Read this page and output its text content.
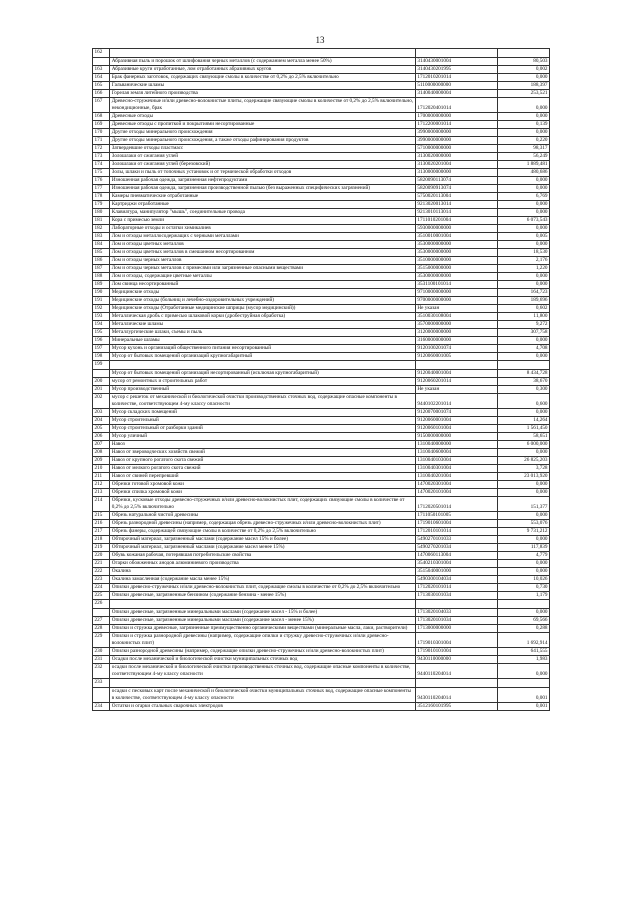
13
162			
	Абразивная пыль и порошок от шлифования черных металлов (с содержанием металла менее 50%)	3140430001004	80,503
163	Абразивные круги отработанные, лом отработанных абразивных кругов	3140430201995	0,002
164	Брак фанерных заготовок, содержащих связующие смолы в количестве от 0,2% до 2,5% включительно	1712010201014	0,000
165	Гальванические шламы	5110000000000	188,397
166	Горелая земля литейного производства	3140040000004	253,521
167	Древесно-стружечные и/или древесно-волокнистые плиты, содержащие связующие смолы в количестве от 0,2% до 2,5% включительно, некондиционные, брак	1712020401014	0,000
168	Древесные отходы	1700000000000	0,000
169	Древесные отходы с пропиткой и покрытиями несортированные	1712200001014	0,139
170	Другие отходы минерального происхождения	3990000000000	0,000
171	Другие отходы минерального происхождения, а также отходы рафинирования продуктов	3990000000000	0,220
172	Затвердевшие отходы пластмасс	5710000000000	98,317
173	Золошлаки от сжигания углей	3130020000000	56,249
174	Золошлаки от сжигания углей (березовский)	3130020201004	1 889,481
175	Золы, шлаки и пыль от топочных установок и от термической обработки отходов	3130000000000	480,686
176	Изношенная рабочая одежда, загрязненная нефтепродуктами	5820090113074	0,000
177	Изношенная рабочая одежда, загрязненная производственной пылью (без выраженных специфических загрязнений)	5820090913074	0,000
178	Камеры пневматические отработанные	5750020113004	6,769
179	Картриджи отработанные	9213020013014	0,000
180	Клавиатура, манипулятор "мышь", соединительные провода	9213010113014	0,000
181	Кора с примесью земли	1711010201004	6 073,543
182	Лабораторные отходы и остатки химикалиев	5930000000000	0,000
183	Лом и отходы металлосодержащих с черными металлами	3510010001004	0,005
184	Лом и отходы цветных металлов	3530000000000	0,000
185	Лом и отходы цветных металлов в смешанном несортированном	3530000000000	18,530
186	Лом и отходы черных металлов	3510000000000	2,176
187	Лом и отходы черных металлов с примесями или загрязненные опасными веществами	3515000000000	1,220
188	Лом и отходы, содержащие цветные металлы	3530000000000	0,000
189	Лом свинца несортированный	3531100101014	0,000
190	Медицинские отходы	9710000000000	164,723
191	Медицинские отходы (больниц и лечебно-оздоровительных учреждений)	9700000000000	189,696
192	Медицинские отходы (Отработанные медицинские шприцы (мусор медицинский))	Не указан	0,602
193	Металлическая дробь с примесью шлаковой корки (дробеструйная обработка)	3510030108004	11,800
194	Металлические шламы	3570000000000	9,272
195	Металлургические шлаки, съемы и пыль	3120000000000	307,758
196	Минеральные шламы	3160000000000	0,000
197	Мусор кухонь и организаций общественного питания несортированный	9120100201074	4,708
198	Мусор от бытовых помещений организаций крупногабаритный	9120060001005	0,000
199			
	Мусор от бытовых помещений организаций несортированный (исключая крупногабаритный)	9120040001004	8 434,728
200	мусор от ремонтных и строительных работ	9120060201014	38,670
201	Мусор производственный	Не указан	0,300
202	мусор с решеток от механической и биологической очистки производственных сточных вод, содержащие опасные компоненты в количестве, соответствующем 4-му классу опасности	9440102201014	0,600
203	Мусор складских помещений	9120070001074	0,000
204	Мусор строительный	9120060001004	14,264
205	Мусор строительный от разборки зданий	9120060101004	1 561,450
206	Мусор уличный	9150000000000	58,651
207	Навоз	1310040000000	6 000,000
208	Навоз от звероводческих хозяйств свежий	1310040600004	0,000
209	Навоз от крупного рогатого скота свежий	1310040103004	26 825,203
210	Навоз от мелкого рогатого скота свежий	1310040301004	3,728
211	Навоз от свиней перепревший	1310040201004	23 013,920
212	Обрезки готовой хромовой кожи	1470020301004	0,000
213	Обрезки спилка хромовой кожи	1470020101004	0,000
214	Обрезки, кусковые отходы древесно-стружечных и/или древесно-волокнистых плит, содержащих связующие смолы в количестве от 0,2% до 2,5% включительно	1712020501014	151,377
215	Обрезь натуральной чистой древесины	1711050101005	0,000
216	Обрезь разнородной древесины (например, содержащая обрезь древесно-стружечных и/или древесно-волокнистых плит)	1719010601004	553,076
217	Обрезь фанеры, содержащей связующие смолы в количестве от 0,2% до 2,5% включительно	1712010101014	9 731,212
218	Обтирочный материал, загрязненный маслами (содержание масел 15% и более)	5490270101033	0,000
219	Обтирочный материал, загрязненный маслами (содержание масел менее 15%)	5490270201034	117,839
220	Обувь кожаная рабочая, потерявшая потребительские свойства	1470060113004	4,779
221	Огарки обожженных анодов алюминиевого производства	3540210301004	0,000
222	Окалина	3515040001000	0,000
223	Окалина замасленная (содержание масла менее 15%)	5490300104034	10,026
224	Опилки древесно-стружечных и/или древесно-волокнистых плит, содержащие смолы в количестве от 0,2% до 2,5% включительно	1712020101014	0,730
225	Опилки древесные, загрязненные бензином (содержание бензина - менее 15%)	1713030101034	1,179
226			
	Опилки древесные, загрязненные минеральными маслами (содержание масел - 15% и более)	1713020104033	0,000
227	Опилки древесные, загрязненные минеральными маслами (содержание масел - менее 15%)	1713020101034	69,566
228	Опилки и стружка древесные, загрязненные преимущественно органическими веществами (минеральные масла, лаки, растворители)	1713000000000	0,288
229	Опилки и стружка разнородной древесины (например, содержащие опилки и стружку древесно-стружечных и/или древесно-волокнистых плит)	1719010301004	1 692,914
230	Опилки разнородной древесины (например, содержащие опилки древесно-стружечных и/или древесно-волокнистых плит)	1719010101004	641,555
231	Осадки после механической и биологической очистки муниципальных сточных вод	9430110000000	1,983
232	осадки после механической и биологической очистки производственных сточных вод, содержащие опасные компоненты в количестве, соответствующем 4-му классу опасности	9440110204014	0,000
233			
	осадки с песковых карт после механической и биологической очистки муниципальных сточных вод, содержащие опасные компоненты в количестве, соответствующем 4-му классу опасности	9430110204014	0,001
234	Остатки и огарки стальных сварочных электродов	3512160101995	0,001
